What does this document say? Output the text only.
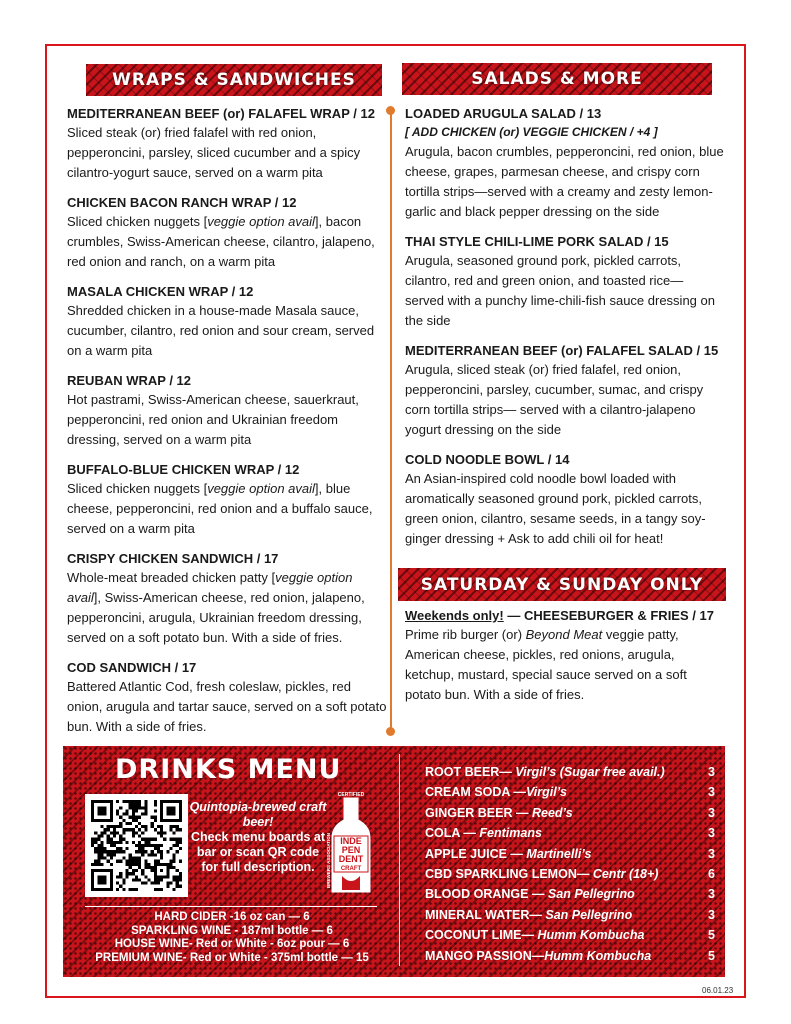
WRAPS & SANDWICHES	SALADS & MORE
MEDITERRANEAN BEEF (or) FALAFEL WRAP / 12
Sliced steak (or) fried falafel with red onion, pepperoncini, parsley, sliced cucumber and a spicy cilantro-yogurt sauce, served on a warm pita
CHICKEN BACON RANCH WRAP / 12
Sliced chicken nuggets [veggie option avail], bacon crumbles, Swiss-American cheese, cilantro, jalapeno, red onion and ranch, on a warm pita
MASALA CHICKEN WRAP / 12
Shredded chicken in a house-made Masala sauce, cucumber, cilantro, red onion and sour cream, served on a warm pita
REUBAN WRAP / 12
Hot pastrami, Swiss-American cheese, sauerkraut, pepperoncini, red onion and Ukrainian freedom dressing, served on a warm pita
BUFFALO-BLUE CHICKEN WRAP / 12
Sliced chicken nuggets [veggie option avail], blue cheese, pepperoncini, red onion and a buffalo sauce, served on a warm pita
CRISPY CHICKEN SANDWICH / 17
Whole-meat breaded chicken patty [veggie option avail], Swiss-American cheese, red onion, jalapeno, pepperoncini, arugula, Ukrainian freedom dressing, served on a soft potato bun. With a side of fries.
COD SANDWICH / 17
Battered Atlantic Cod, fresh coleslaw, pickles, red onion, arugula and tartar sauce, served on a soft potato bun. With a side of fries.
LOADED ARUGULA SALAD / 13
[ ADD CHICKEN (or) VEGGIE CHICKEN / +4 ]
Arugula, bacon crumbles, pepperoncini, red onion, blue cheese, grapes, parmesan cheese, and crispy corn tortilla strips—served with a creamy and zesty lemon-garlic and black pepper dressing on the side
THAI STYLE CHILI-LIME PORK SALAD / 15
Arugula, seasoned ground pork, pickled carrots, cilantro, red and green onion, and toasted rice— served with a punchy lime-chili-fish sauce dressing on the side
MEDITERRANEAN BEEF (or) FALAFEL SALAD / 15
Arugula, sliced steak (or) fried falafel, red onion, pepperoncini, parsley, cucumber, sumac, and crispy corn tortilla strips— served with a cilantro-jalapeno yogurt dressing on the side
COLD NOODLE BOWL / 14
An Asian-inspired cold noodle bowl loaded with aromatically seasoned ground pork, pickled carrots, green onion, cilantro, sesame seeds, in a tangy soy-ginger dressing + Ask to add chili oil for heat!
SATURDAY & SUNDAY ONLY
Weekends only! — CHEESEBURGER & FRIES / 17
Prime rib burger (or) Beyond Meat veggie patty, American cheese, pickles, red onions, arugula, ketchup, mustard, special sauce served on a soft potato bun. With a side of fries.
DRINKS MENU
Quintopia-brewed craft beer!
Check menu boards at bar or scan QR code for full description.
CERTIFIED
INDE
PEN
DENT
CRAFT
BREWERS ASSOCIATION
HARD CIDER -16 oz can — 6
SPARKLING WINE - 187ml bottle — 6
HOUSE WINE- Red or White - 6oz pour — 6
PREMIUM WINE- Red or White - 375ml bottle — 15
ROOT BEER— Virgil’s (Sugar free avail.)	3
CREAM SODA —Virgil’s	3
GINGER BEER — Reed’s	3
COLA — Fentimans	3
APPLE JUICE — Martinelli’s	3
CBD SPARKLING LEMON— Centr (18+)	6
BLOOD ORANGE — San Pellegrino	3
MINERAL WATER— San Pellegrino	3
COCONUT LIME— Humm Kombucha	5
MANGO PASSION—Humm Kombucha	5
06.01.23
